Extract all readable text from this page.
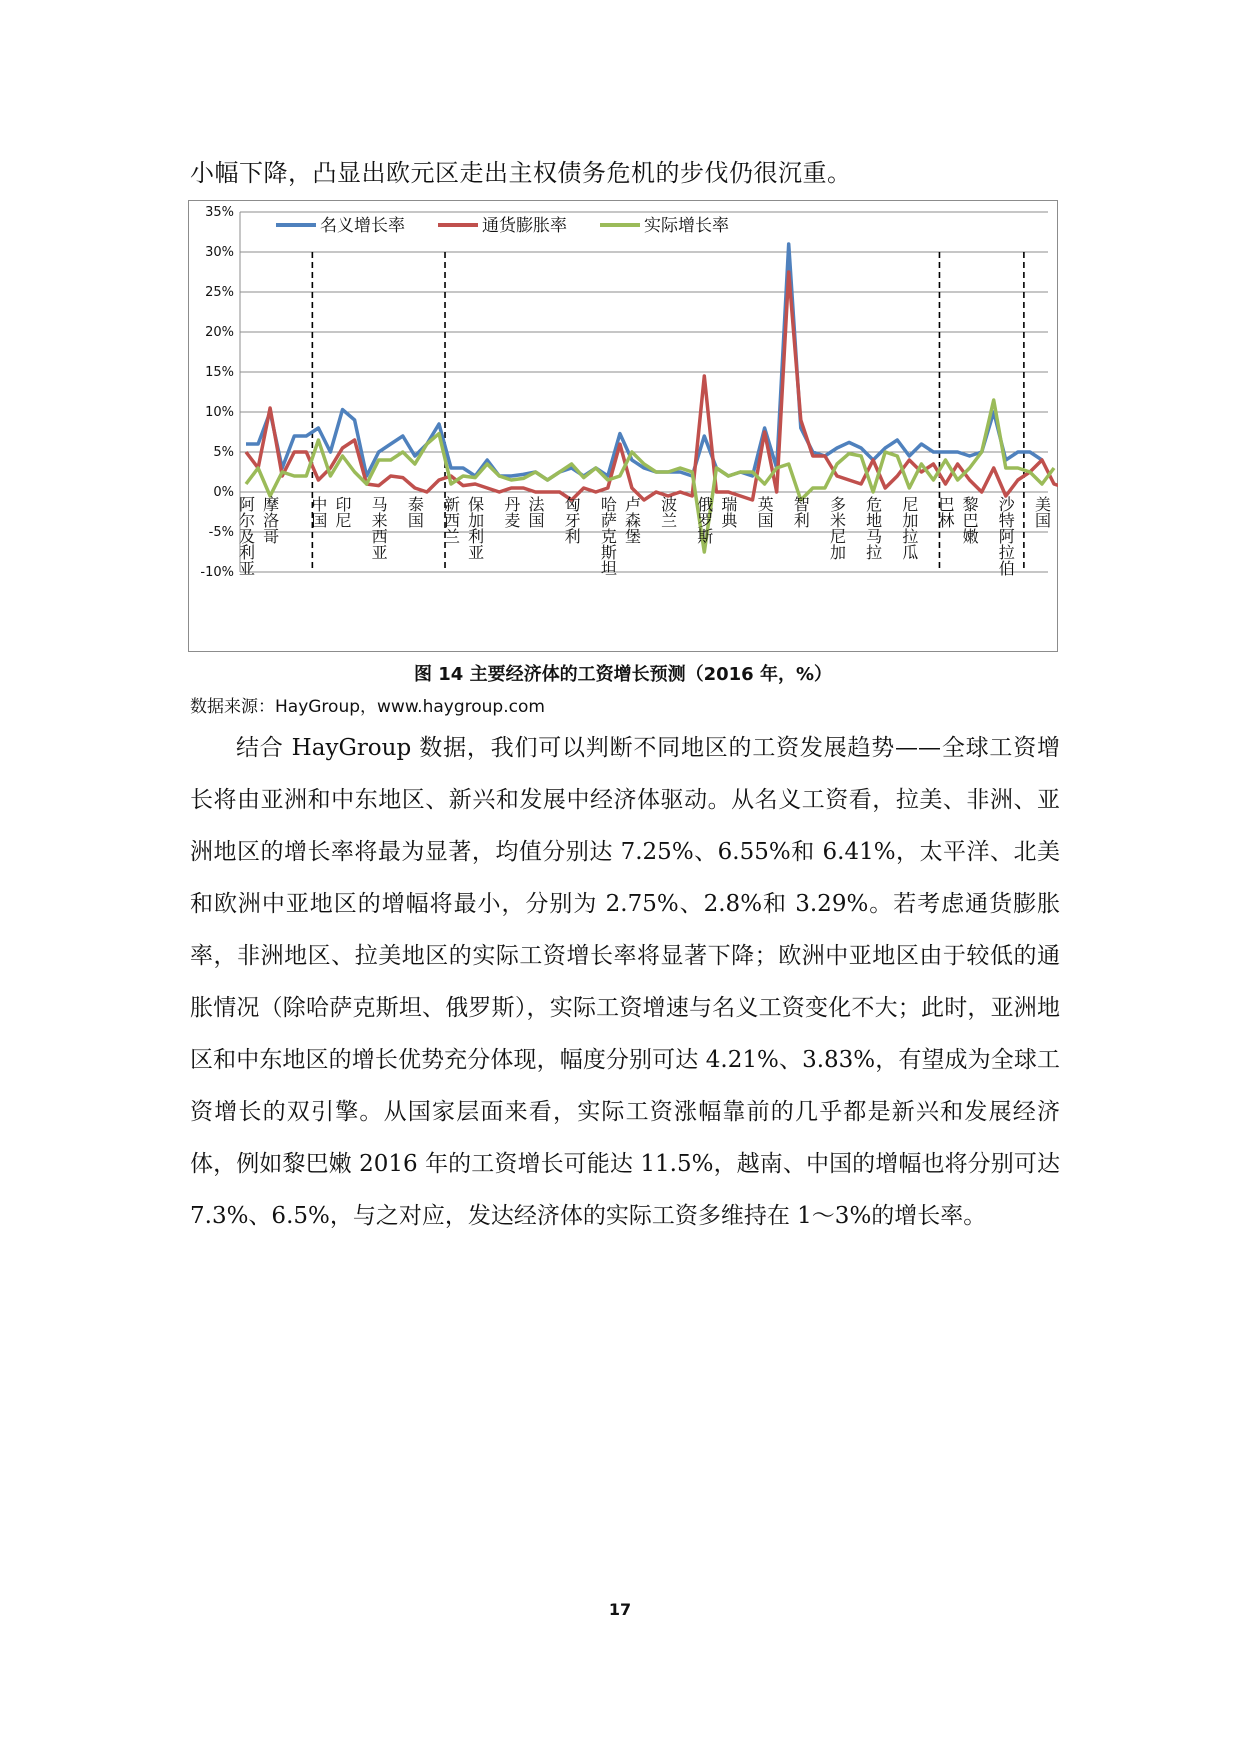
小幅下降，凸显出欧元区走出主权债务危机的步伐仍很沉重。
35%
30%
25%
20%
15%
10%
5%
0%
-5%
-10% 阿尔及利亚 摩洛哥 中国 印尼 马来西亚 泰国 新西兰 保加利亚 丹麦 法国 匈牙利 哈萨克斯坦 卢森堡 波兰 俄罗斯 瑞典 英国 智利 多米尼加 危地马拉 尼加拉瓜 巴林 黎巴嫩 沙特阿拉伯 美国
名义增长率	通货膨胀率	实际增长率
图 14 主要经济体的工资增长预测（2016 年，%）
数据来源：HayGroup，www.haygroup.com

结合 HayGroup 数据，我们可以判断不同地区的工资发展趋势——全球工资增长将由亚洲和中东地区、新兴和发展中经济体驱动。从名义工资看，拉美、非洲、亚洲地区的增长率将最为显著，均值分别达 7.25%、6.55%和 6.41%，太平洋、北美和欧洲中亚地区的增幅将最小，分别为 2.75%、2.8%和 3.29%。若考虑通货膨胀率，非洲地区、拉美地区的实际工资增长率将显著下降；欧洲中亚地区由于较低的通胀情况（除哈萨克斯坦、俄罗斯），实际工资增速与名义工资变化不大；此时，亚洲地区和中东地区的增长优势充分体现，幅度分别可达 4.21%、3.83%，有望成为全球工资增长的双引擎。从国家层面来看，实际工资涨幅靠前的几乎都是新兴和发展经济体，例如黎巴嫩 2016 年的工资增长可能达 11.5%，越南、中国的增幅也将分别可达 7.3%、6.5%，与之对应，发达经济体的实际工资多维持在 1～3%的增长率。

17
